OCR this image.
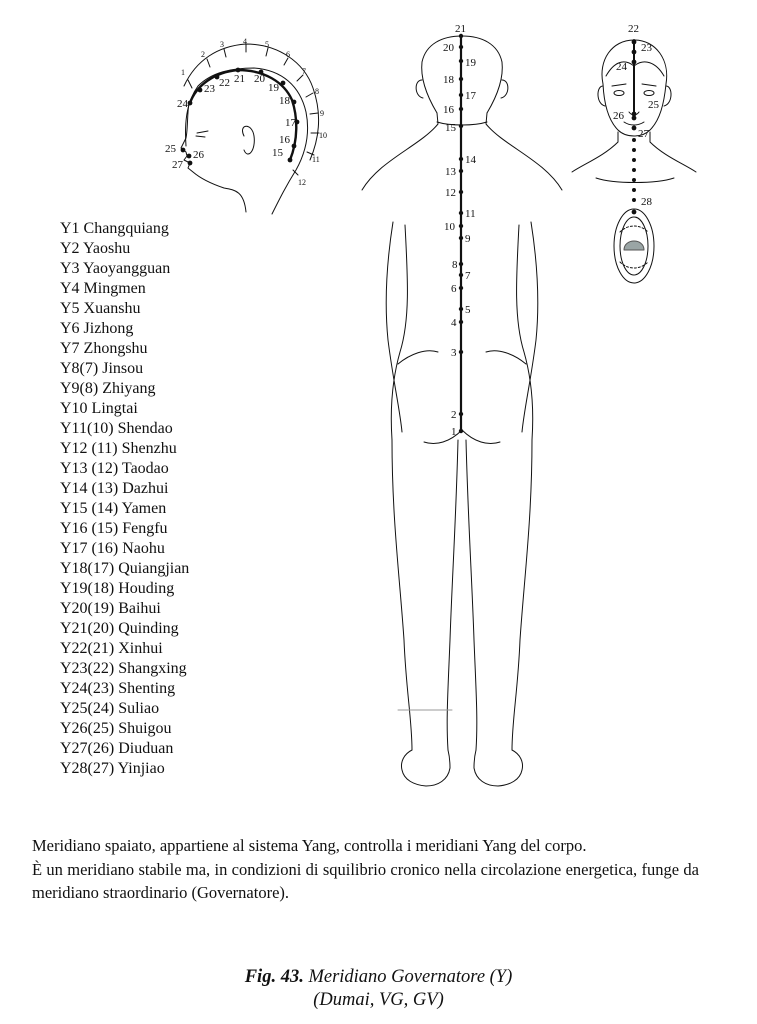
1
2
3 4 5
6
7
8
9
10
11
12
15
16
17
18
19
20
21
22
23
24
25 26
27
21
20
19
18
17
16
15
14
13
12
11
10
9
8
7
6
5
4
3
2
1
22
23
24
25
26
27
28
Y1 Changquiang
Y2 Yaoshu
Y3 Yaoyangguan
Y4 Mingmen
Y5 Xuanshu
Y6 Jizhong
Y7 Zhongshu
Y8(7) Jinsou
Y9(8) Zhiyang
Y10 Lingtai
Y11(10) Shendao
Y12 (11) Shenzhu
Y13 (12) Taodao
Y14 (13) Dazhui
Y15 (14) Yamen
Y16 (15) Fengfu
Y17 (16) Naohu
Y18(17) Quiangjian
Y19(18) Houding
Y20(19) Baihui
Y21(20) Quinding
Y22(21) Xinhui
Y23(22) Shangxing
Y24(23) Shenting
Y25(24) Suliao
Y26(25) Shuigou
Y27(26) Diuduan
Y28(27) Yinjiao

Meridiano spaiato, appartiene al sistema Yang, controlla i meridiani Yang del corpo.
È un meridiano stabile ma, in condizioni di squilibrio cronico nella circolazione energetica, funge da meridiano straordinario (Governatore).

Fig. 43. Meridiano Governatore (Y)
(Dumai, VG, GV)
